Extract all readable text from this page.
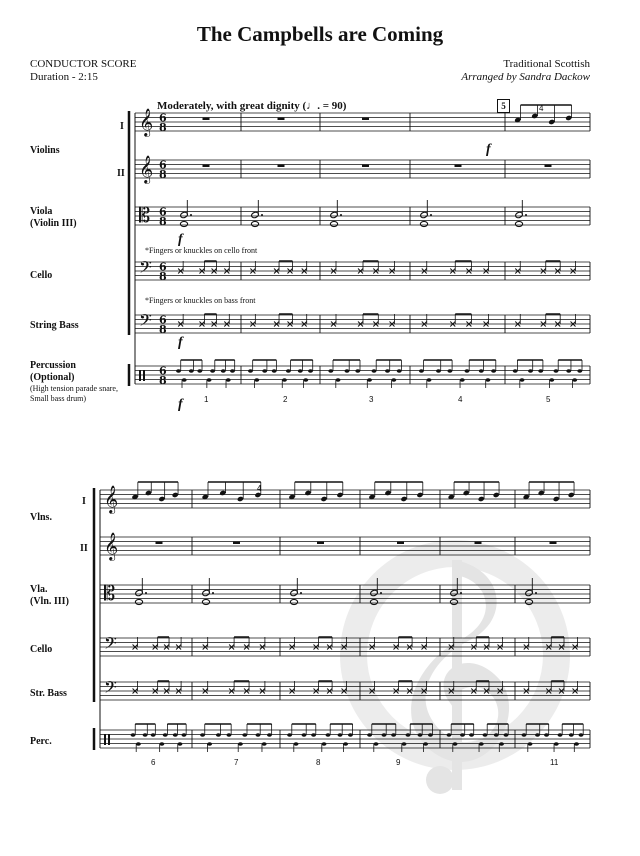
The Campbells are Coming
CONDUCTOR SCORE
Duration - 2:15
Traditional Scottish
Arranged by Sandra Dackow
Violins
I
II
Viola
(Violin III)
Cello
String Bass
Percussion
(Optional)
(High tension parade snare,
Small bass drum)
Moderately, with great dignity (♩. = 90)	5
*Fingers or knuckles on cello front
*Fingers or knuckles on bass front
4
4
f
f
f
f	1	2	3	4	5
Vlns.
I
II
Vla.
(Vln. III)
Cello
Str. Bass
Perc.
6	7	8	9	11
𝄞 6
8
𝄞 6
8
𝄡 6
8
𝄢 6
8
𝄢 6
8
6
8
𝄞
𝄞
𝄡
𝄢
𝄢
